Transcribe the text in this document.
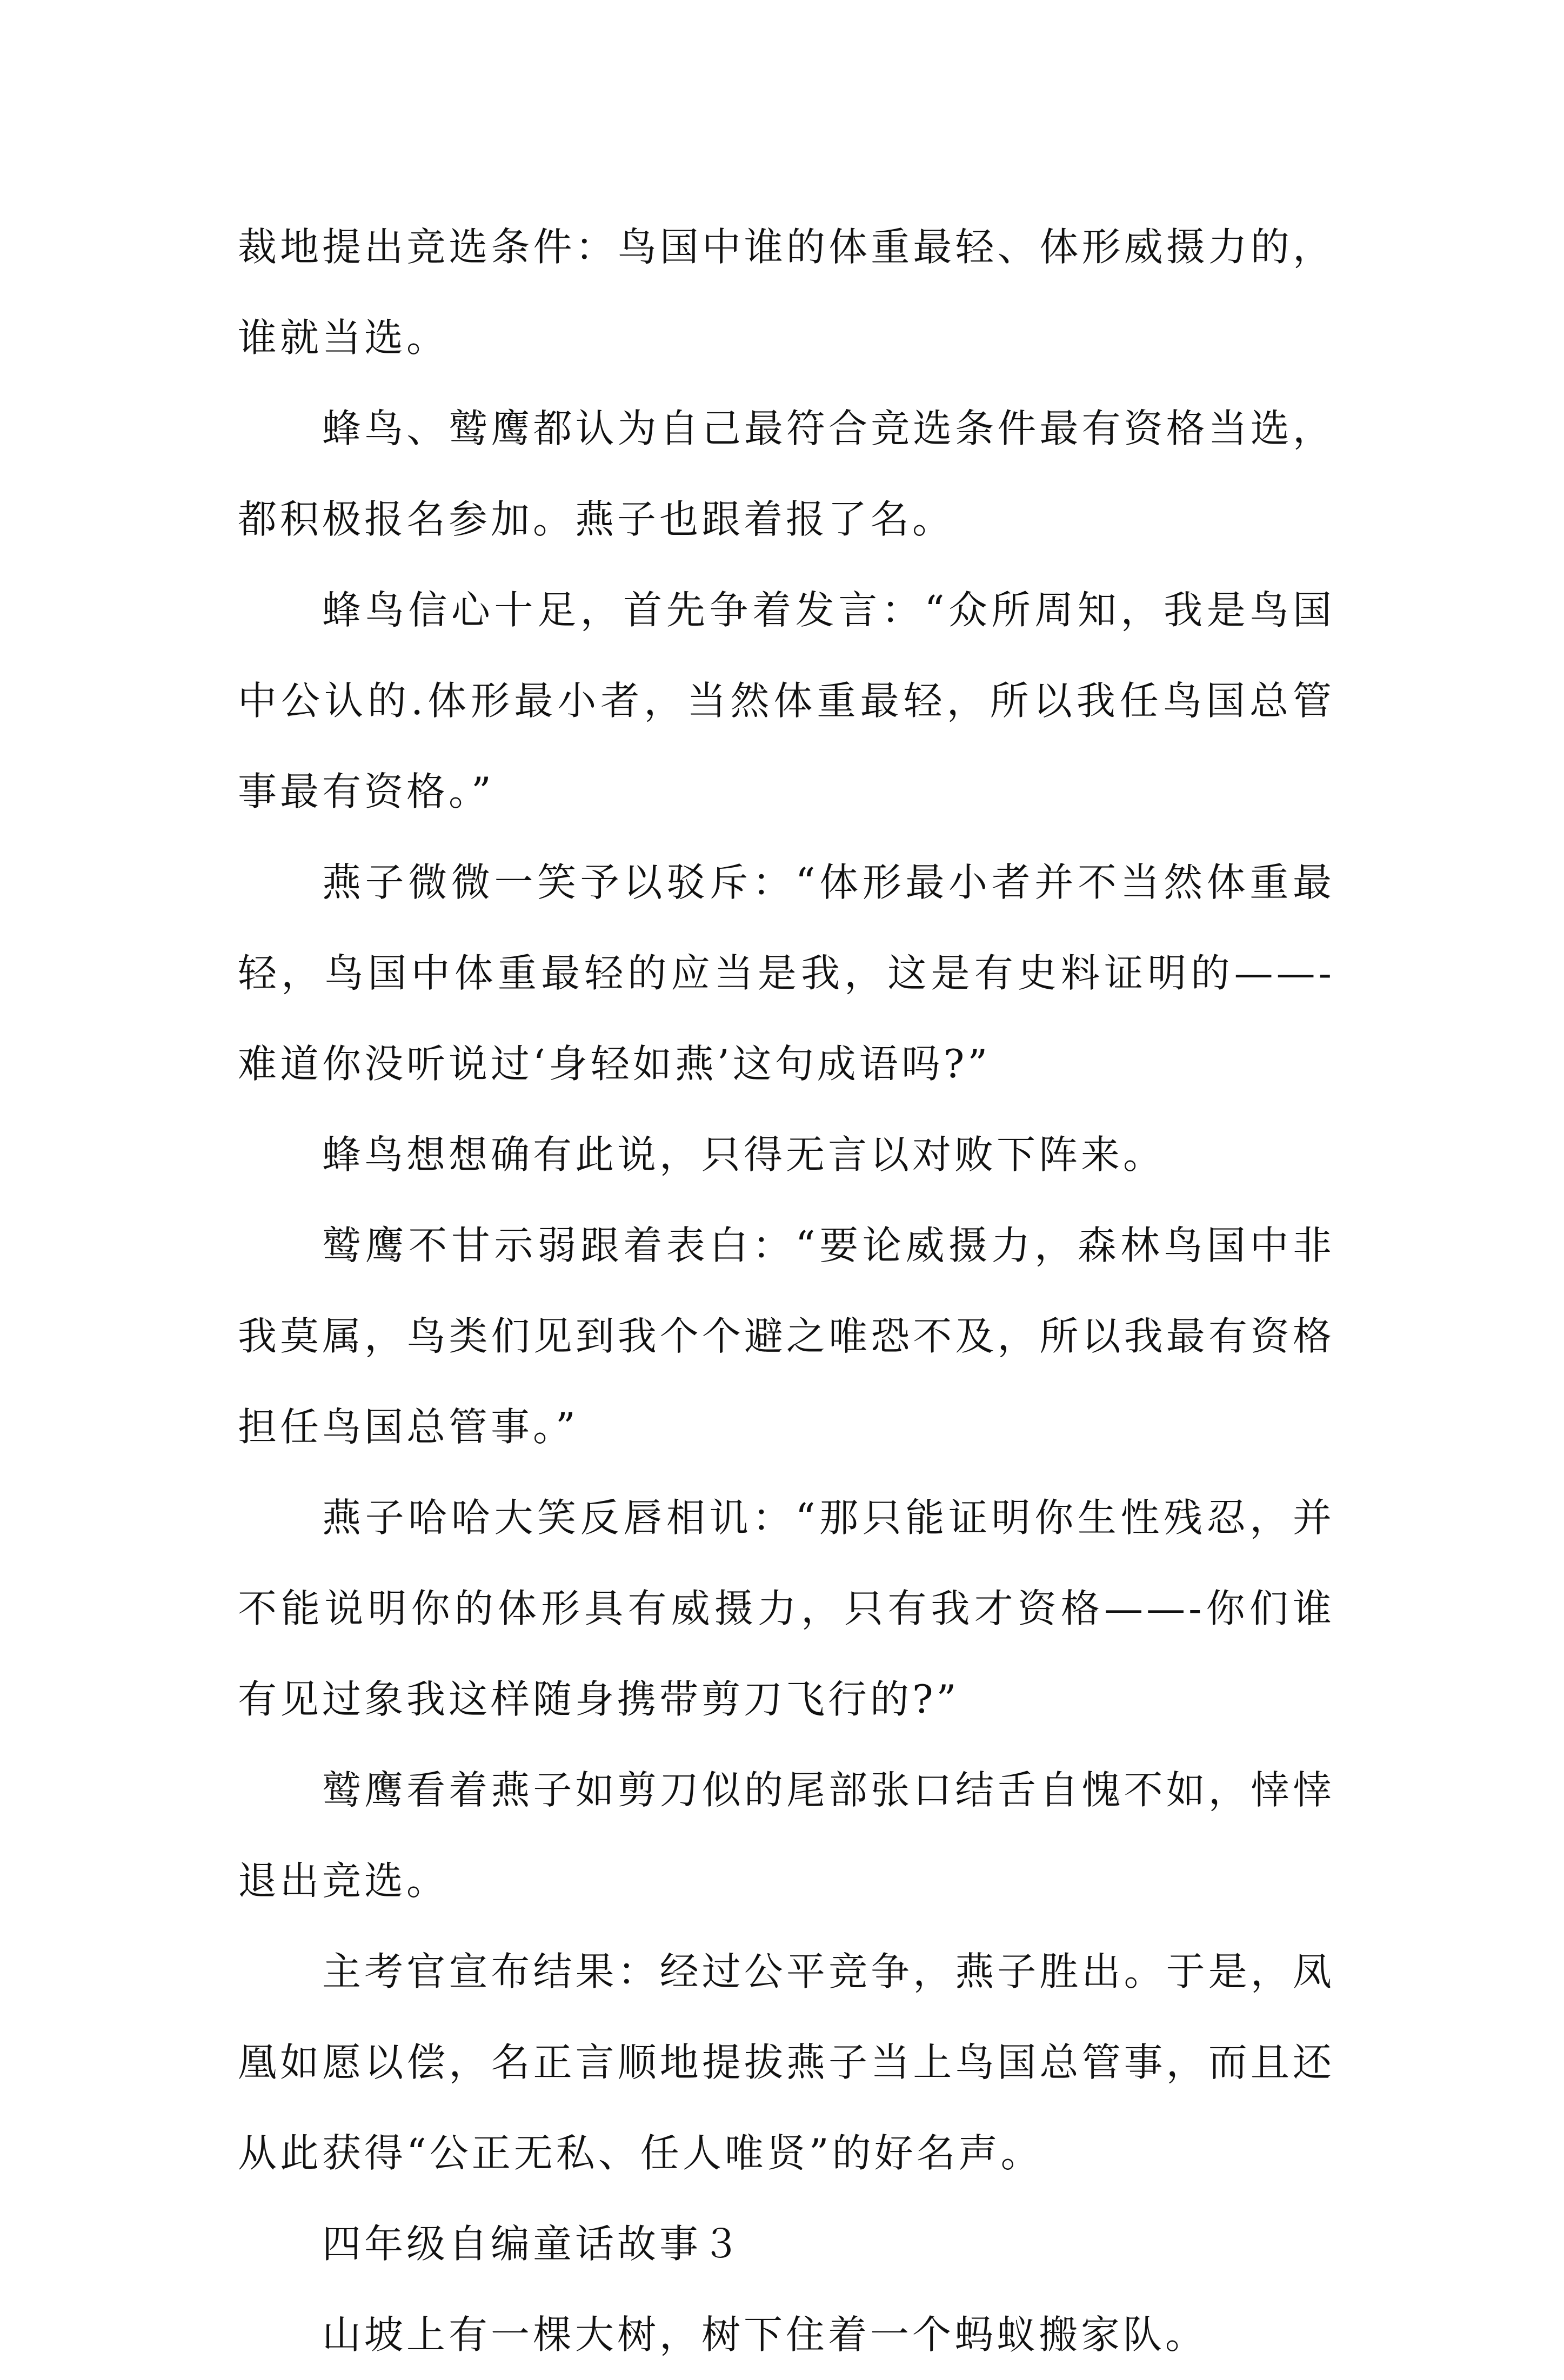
裁地提出竞选条件：鸟国中谁的体重最轻、体形威摄力的，谁就当选。

蜂鸟、鹫鹰都认为自己最符合竞选条件最有资格当选，都积极报名参加。燕子也跟着报了名。

蜂鸟信心十足，首先争着发言：“众所周知，我是鸟国中公认的.体形最小者，当然体重最轻，所以我任鸟国总管事最有资格。”

燕子微微一笑予以驳斥：“体形最小者并不当然体重最轻，鸟国中体重最轻的应当是我，这是有史料证明的——-难道你没听说过‘身轻如燕’这句成语吗?”

蜂鸟想想确有此说，只得无言以对败下阵来。

鹫鹰不甘示弱跟着表白：“要论威摄力，森林鸟国中非我莫属，鸟类们见到我个个避之唯恐不及，所以我最有资格担任鸟国总管事。”

燕子哈哈大笑反唇相讥：“那只能证明你生性残忍，并不能说明你的体形具有威摄力，只有我才资格——-你们谁有见过象我这样随身携带剪刀飞行的?”

鹫鹰看着燕子如剪刀似的尾部张口结舌自愧不如，悻悻退出竞选。

主考官宣布结果：经过公平竞争，燕子胜出。于是，凤凰如愿以偿，名正言顺地提拔燕子当上鸟国总管事，而且还从此获得“公正无私、任人唯贤”的好名声。

四年级自编童话故事３

山坡上有一棵大树，树下住着一个蚂蚁搬家队。
